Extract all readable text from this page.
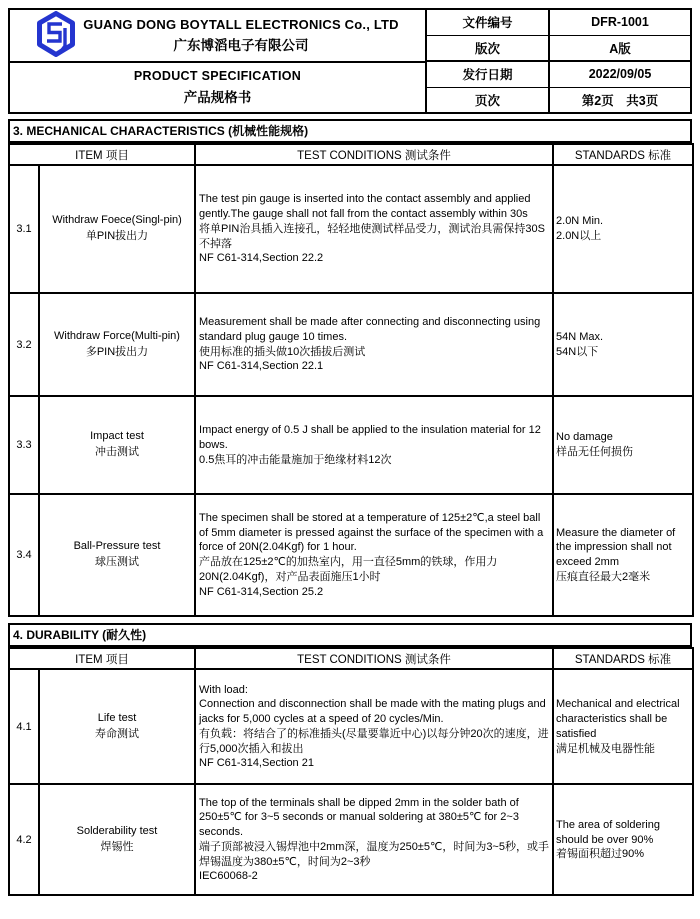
GUANG DONG BOYTALL ELECTRONICS Co., LTD
广东博滔电子有限公司
PRODUCT SPECIFICATION
产品规格书
文件编号	DFR-1001
版次	A版
发行日期	2022/09/05
页次	第2页　共3页
3. MECHANICAL CHARACTERISTICS (机械性能规格)
ITEM 项目		TEST CONDITIONS 测试条件	STANDARDS 标准
3.1	
Withdraw Foece(Singl-pin)
单PIN拔出力

The test pin gauge is inserted into the contact assembly and applied gently.The gauge shall not fall from the contact assembly within 30s
将单PIN治具插入连接孔，轻轻地使测试样品受力，测试治具需保持30S不掉落
NF C61-314,Section 22.2

2.0N Min.
2.0N以上

3.2	
Withdraw Force(Multi-pin)
多PIN拔出力

Measurement shall be made after connecting and disconnecting using standard plug gauge 10 times.
使用标准的插头做10次插拔后测试
NF C61-314,Section 22.1

54N Max.
54N以下

3.3	
Impact test
冲击测试

Impact energy of 0.5 J shall be applied to the insulation material for 12 bows.
0.5焦耳的冲击能量施加于绝缘材料12次

No damage
样品无任何损伤

3.4	
Ball-Pressure test
球压测试

The specimen shall be stored at a temperature of 125±2℃,a steel ball of 5mm diameter is pressed against the surface of the specimen with a force of 20N(2.04Kgf) for 1 hour.
产品放在125±2℃的加热室内，用一直径5mm的铁球，作用力20N(2.04Kgf)，对产品表面施压1小时
NF C61-314,Section 25.2

Measure the diameter of the impression shall not exceed 2mm
压痕直径最大2毫米
4. DURABILITY (耐久性)
ITEM 项目		TEST CONDITIONS 测试条件	STANDARDS 标准
4.1	
Life test
寿命测试

With load:
Connection and disconnection shall be made with the mating plugs and jacks for 5,000 cycles at a speed of 20 cycles/Min.
有负载：将结合了的标准插头(尽量要靠近中心)以每分钟20次的速度，进行5,000次插入和拔出
NF C61-314,Section 21

Mechanical and electrical characteristics shall be satisfied
满足机械及电器性能

4.2	
Solderability test
焊锡性

The top of the terminals shall be dipped 2mm in the solder bath of 250±5℃ for 3~5 seconds or manual soldering at 380±5℃ for 2~3 seconds.
端子顶部被浸入锡焊池中2mm深，温度为250±5℃，时间为3~5秒，或手焊锡温度为380±5℃，时间为2~3秒
IEC60068-2

The area of soldering should be over 90%
着锡面积超过90%
